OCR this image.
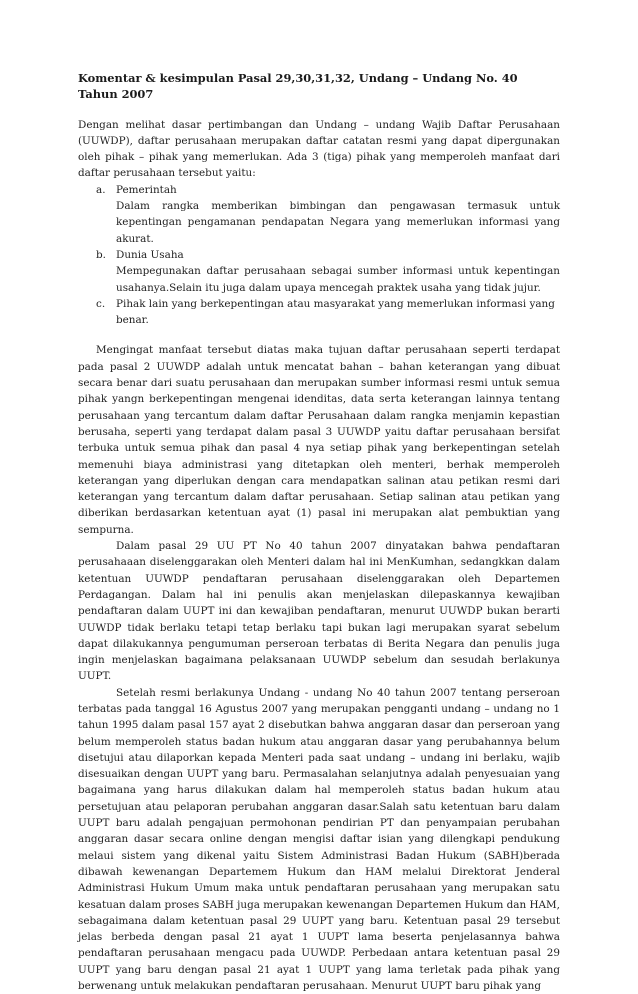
Komentar & kesimpulan Pasal 29,30,31,32, Undang – Undang No. 40 Tahun 2007

Dengan melihat dasar pertimbangan dan Undang – undang Wajib Daftar Perusahaan (UUWDP), daftar perusahaan merupakan daftar catatan resmi yang dapat dipergunakan oleh pihak – pihak yang memerlukan. Ada 3 (tiga) pihak yang memperoleh manfaat dari daftar perusahaan tersebut yaitu:

a. Pemerintah
Dalam rangka memberikan bimbingan dan pengawasan termasuk untuk kepentingan pengamanan pendapatan Negara yang memerlukan informasi yang akurat.
b. Dunia Usaha
Mempegunakan daftar perusahaan sebagai sumber informasi untuk kepentingan usahanya.Selain itu juga dalam upaya mencegah praktek usaha yang tidak jujur.
c. Pihak lain yang berkepentingan atau masyarakat yang memerlukan informasi yang benar.

Mengingat manfaat tersebut diatas maka tujuan daftar perusahaan seperti terdapat pada pasal 2 UUWDP adalah untuk mencatat bahan – bahan keterangan yang dibuat secara benar dari suatu perusahaan dan merupakan sumber informasi resmi untuk semua pihak yangn berkepentingan mengenai idenditas, data serta keterangan lainnya tentang perusahaan yang tercantum dalam daftar Perusahaan dalam rangka menjamin kepastian berusaha, seperti yang terdapat dalam pasal 3 UUWDP yaitu daftar perusahaan bersifat terbuka untuk semua pihak dan pasal 4 nya setiap pihak yang berkepentingan setelah memenuhi biaya administrasi yang ditetapkan oleh menteri, berhak memperoleh keterangan yang diperlukan dengan cara mendapatkan salinan atau petikan resmi dari keterangan yang tercantum dalam daftar perusahaan. Setiap salinan atau petikan yang diberikan berdasarkan ketentuan ayat (1) pasal ini merupakan alat pembuktian yang sempurna.

Dalam pasal 29 UU PT No 40 tahun 2007 dinyatakan bahwa pendaftaran perusahaaan diselenggarakan oleh Menteri dalam hal ini MenKumhan, sedangkkan dalam ketentuan UUWDP pendaftaran perusahaan diselenggarakan oleh Departemen Perdagangan. Dalam hal ini penulis akan menjelaskan dilepaskannya kewajiban pendaftaran dalam UUPT ini dan kewajiban pendaftaran, menurut UUWDP bukan berarti UUWDP tidak berlaku tetapi tetap berlaku tapi bukan lagi merupakan syarat sebelum dapat dilakukannya pengumuman perseroan terbatas di Berita Negara dan penulis juga ingin menjelaskan bagaimana pelaksanaan UUWDP sebelum dan sesudah berlakunya UUPT.

Setelah resmi berlakunya Undang - undang No 40 tahun 2007 tentang perseroan terbatas pada tanggal 16 Agustus 2007 yang merupakan pengganti undang – undang no 1 tahun 1995 dalam pasal 157 ayat 2 disebutkan bahwa anggaran dasar dan perseroan yang belum memperoleh status badan hukum atau anggaran dasar yang perubahannya belum disetujui atau dilaporkan kepada Menteri pada saat undang – undang ini berlaku, wajib disesuaikan dengan UUPT yang baru. Permasalahan selanjutnya adalah penyesuaian yang bagaimana yang harus dilakukan dalam hal memperoleh status badan hukum atau persetujuan atau pelaporan perubahan anggaran dasar.Salah satu ketentuan baru dalam UUPT baru adalah pengajuan permohonan pendirian PT dan penyampaian perubahan anggaran dasar secara online dengan mengisi daftar isian yang dilengkapi pendukung melaui sistem yang dikenal yaitu Sistem Administrasi Badan Hukum (SABH)berada dibawah kewenangan Departemem Hukum dan HAM melalui Direktorat Jenderal Administrasi Hukum Umum maka untuk pendaftaran perusahaan yang merupakan satu kesatuan dalam proses SABH juga merupakan kewenangan Departemen Hukum dan HAM, sebagaimana dalam ketentuan pasal 29 UUPT yang baru. Ketentuan pasal 29 tersebut jelas berbeda dengan pasal 21 ayat 1 UUPT lama beserta penjelasannya bahwa pendaftaran perusahaan mengacu pada UUWDP. Perbedaan antara ketentuan pasal 29 UUPT yang baru dengan pasal 21 ayat 1 UUPT yang lama terletak pada pihak yang berwenang untuk melakukan pendaftaran perusahaan. Menurut UUPT baru pihak yang
